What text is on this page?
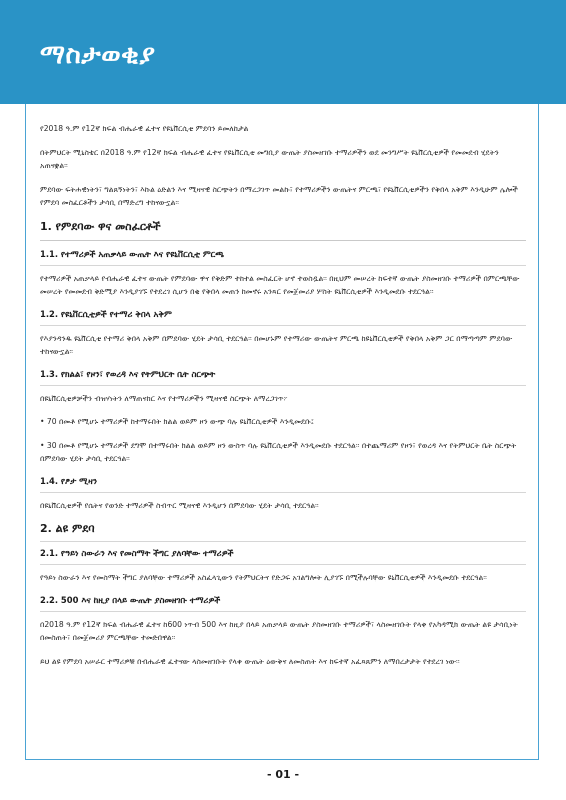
ማስታወቂያ

የ2018 ዓ.ም የ12ኛ ክፍል ብሔራዊ ፈተና የዩኒቨርሲቲ ምደባን ይመለከታል

በትምህርት ሚኒስቴር በ2018 ዓ.ም የ12ኛ ክፍል ብሔራዊ ፈተና የዩኒቨርሲቲ መግቢያ ውጤት ያስመዘገቡ ተማሪዎችን ወደ መንግሥት ዩኒቨርሲቲዎች የመመደብ ሂደትን አጠናቋል፡፡

ምደባው ፍትሐዊነትን፣ ግልጸኝነትን፣ እኩል ዕድልን እና ሚዛናዊ ስርጭትን በማረጋገጥ መልኩ፣ የተማሪዎችን ውጤትና ምርጫ፣ የዩኒቨርሲቲዎችን የቅበላ አቅም እንዲሁም ሌሎች የምደባ መስፈርቶችን ታሳቢ በማድረግ ተከናውኗል፡፡

1. የምደባው ዋና መስፈርቶች
1.1. የተማሪዎች አጠቃላይ ውጤት እና የዩኒቨርሲቲ ምርጫ

የተማሪዎች አጠቃላይ የብሔራዊ ፈተና ውጤት የምደባው ዋና የቅድም ተከተል መስፈርት ሆኖ ተወስዷል፡፡ በዚህም መሠረት ከፍተኛ ውጤት ያስመዘገቡ ተማሪዎች በምርጫቸው መሠረት የመመደብ ቅድሚያ እንዲያገኙ የተደረገ ሲሆን በቂ የቅበላ መጠን ከመኖሩ አንጻር የመጀመሪያ ሦስት ዩኒቨርሲቲዎች እንዲመደቡ ተደርጓል፡፡

1.2. የዩኒቨርሲቲዎች የተማሪ ቅበላ አቅም

የእያንዳንዱ ዩኒቨርሲቲ የተማሪ ቅበላ አቅም በምደባው ሂደት ታሳቢ ተደርጓል፡፡ በመሆኑም የተማሪው ውጤትና ምርጫ ከዩኒቨርሲቲዎች የቅበላ አቅም ጋር በማጣጣም ምደባው ተከናውኗል፡፡

1.3. የክልል፣ የዞን፣ የወረዳ እና የትምህርት ቤት ስርጭት

በዩኒቨርሲቲዎቻችን ብዝሃነትን ለማጠናከር እና የተማሪዎችን ሚዛናዊ ስርጭት ለማረጋገጥ፦

• 70 በመቶ የሚሆኑ ተማሪዎች ከተማሩበት ክልል ወይም ዞን ውጭ ባሉ ዩኒቨርሲቲዎች እንዲመደቡ፤

• 30 በመቶ የሚሆኑ ተማሪዎች ደግሞ በተማሩበት ክልል ወይም ዞን ውስጥ ባሉ ዩኒቨርሲቲዎች እንዲመደቡ ተደርጓል፡፡ በተጨማሪም የዞን፣ የወረዳ እና የትምህርት ቤት ስርጭት በምደባው ሂደት ታሳቢ ተደርጓል፡፡

1.4. የፆታ ሚዛን

በዩኒቨርሲቲዎች የሴትና የወንድ ተማሪዎች ስብጥር ሚዛናዊ እንዲሆን በምደባው ሂደት ታሳቢ ተደርጓል፡፡

2. ልዩ ምደባ
2.1. የዓይነ ስውራን እና የመስማት ችግር ያለባቸው ተማሪዎች

የዓይነ ስውራን እና የመስማት ችግር ያለባቸው ተማሪዎች አስፈላጊውን የትምህርትና የድጋፍ አገልግሎት ሊያገኙ በሚችሉባቸው ዩኒቨርሲቲዎች እንዲመደቡ ተደርጓል፡፡

2.2. 500 እና ከዚያ በላይ ውጤት ያስመዘገቡ ተማሪዎች

በ2018 ዓ.ም የ12ኛ ክፍል ብሔራዊ ፈተና ከ600 ነጥብ 500 እና ከዚያ በላይ አጠቃላይ ውጤት ያስመዘገቡ ተማሪዎች፣ ላስመዘገቡት የላቀ የአካዳሚክ ውጤት ልዩ ታሳቢነት በመስጠት፣ በመጀመሪያ ምርጫቸው ተመድበዋል፡፡

ይህ ልዩ የምደባ አሠራር ተማሪዎቹ በብሔራዊ ፈተናው ላስመዘገቡት የላቀ ውጤት ዕውቅና ለመስጠት እና ከፍተኛ አፈጻጸምን ለማበረታታት የተደረገ ነው፡፡

- 01 -
